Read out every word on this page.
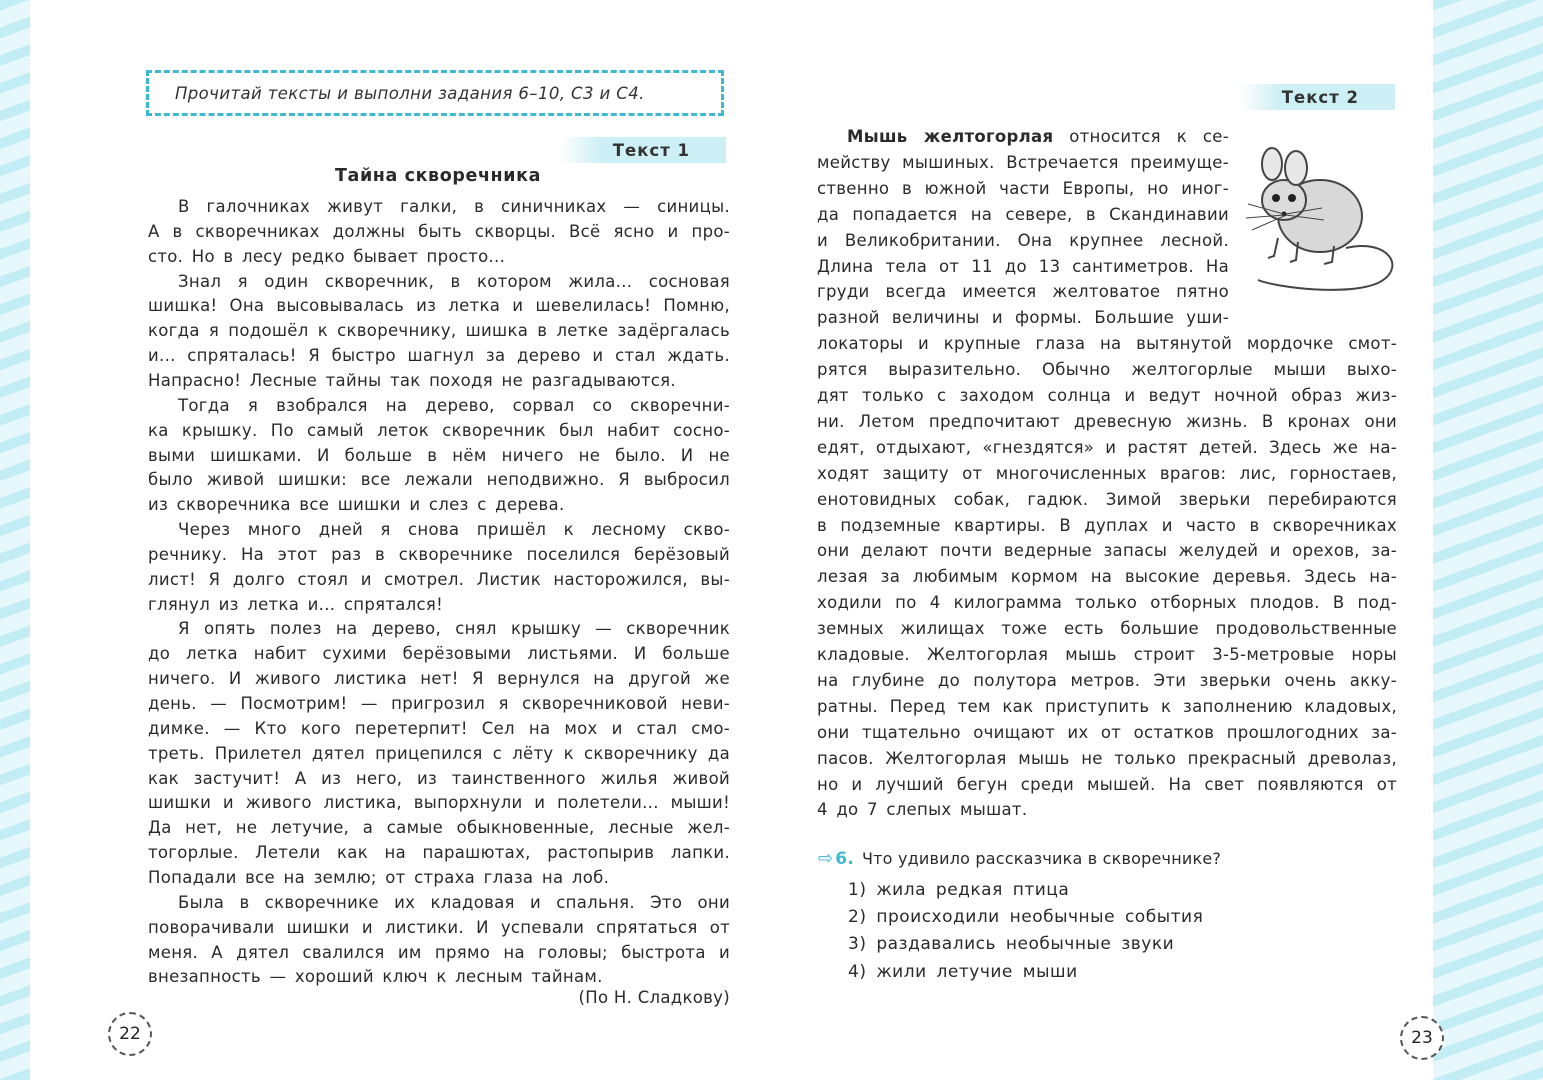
Прочитай тексты и выполни задания 6–10, С3 и С4.
Текст 1
Тайна скворечника
В галочниках живут галки, в синичниках — синицы.
А в скворечниках должны быть скворцы. Всё ясно и про-
сто. Но в лесу редко бывает просто...
Знал я один скворечник, в котором жила... сосновая
шишка! Она высовывалась из летка и шевелилась! Помню,
когда я подошёл к скворечнику, шишка в летке задёргалась
и... спряталась! Я быстро шагнул за дерево и стал ждать.
Напрасно! Лесные тайны так походя не разгадываются.
Тогда я взобрался на дерево, сорвал со скворечни-
ка крышку. По самый леток скворечник был набит сосно-
выми шишками. И больше в нём ничего не было. И не
было живой шишки: все лежали неподвижно. Я выбросил
из скворечника все шишки и слез с дерева.
Через много дней я снова пришёл к лесному скво-
речнику. На этот раз в скворечнике поселился берёзовый
лист! Я долго стоял и смотрел. Листик насторожился, вы-
глянул из летка и... спрятался!
Я опять полез на дерево, снял крышку — скворечник
до летка набит сухими берёзовыми листьями. И больше
ничего. И живого листика нет! Я вернулся на другой же
день. — Посмотрим! — пригрозил я скворечниковой неви-
димке. — Кто кого перетерпит! Сел на мох и стал смо-
треть. Прилетел дятел прицепился с лёту к скворечнику да
как застучит! А из него, из таинственного жилья живой
шишки и живого листика, выпорхнули и полетели... мыши!
Да нет, не летучие, а самые обыкновенные, лесные жел-
тогорлые. Летели как на парашютах, растопырив лапки.
Попадали все на землю; от страха глаза на лоб.
Была в скворечнике их кладовая и спальня. Это они
поворачивали шишки и листики. И успевали спрятаться от
меня. А дятел свалился им прямо на головы; быстрота и
внезапность — хороший ключ к лесным тайнам.
(По Н. Сладкову)
22
Текст 2
Мышь желтогорлая относится к се-
мейству мышиных. Встречается преимуще-
ственно в южной части Европы, но иног-
да попадается на севере, в Скандинавии
и Великобритании. Она крупнее лесной.
Длина тела от 11 до 13 сантиметров. На
груди всегда имеется желтоватое пятно
разной величины и формы. Большие уши-
локаторы и крупные глаза на вытянутой мордочке смот-
рятся выразительно. Обычно желтогорлые мыши выхо-
дят только с заходом солнца и ведут ночной образ жиз-
ни. Летом предпочитают древесную жизнь. В кронах они
едят, отдыхают, «гнездятся» и растят детей. Здесь же на-
ходят защиту от многочисленных врагов: лис, горностаев,
енотовидных собак, гадюк. Зимой зверьки перебираются
в подземные квартиры. В дуплах и часто в скворечниках
они делают почти ведерные запасы желудей и орехов, за-
лезая за любимым кормом на высокие деревья. Здесь на-
ходили по 4 килограмма только отборных плодов. В под-
земных жилищах тоже есть большие продовольственные
кладовые. Желтогорлая мышь строит 3-5-метровые норы
на глубине до полутора метров. Эти зверьки очень акку-
ратны. Перед тем как приступить к заполнению кладовых,
они тщательно очищают их от остатков прошлогодних за-
пасов. Желтогорлая мышь не только прекрасный древолаз,
но и лучший бегун среди мышей. На свет появляются от
4 до 7 слепых мышат.
⇨ 6. Что удивило рассказчика в скворечнике?
1) жила редкая птица
2) происходили необычные события
3) раздавались необычные звуки
4) жили летучие мыши
23
